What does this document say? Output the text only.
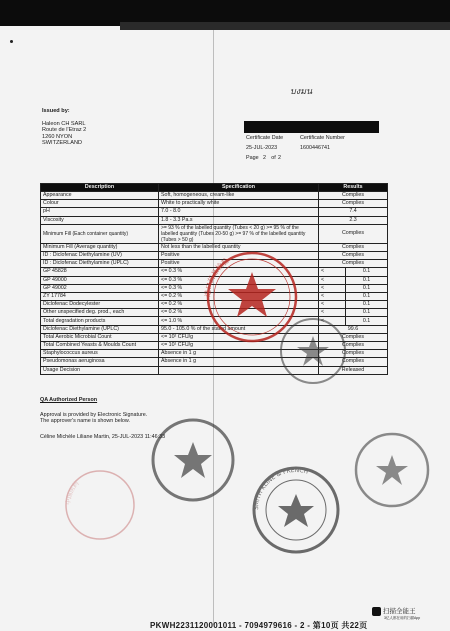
Issued by:
Haleon CH SARL
Route de l'Etraz 2
1260 NYON
SWITZERLAND
บงมน
Certificate Date	Certificate Number
25-JUL-2023	1600446741
Page 2 of 2
Description	Specification	Results	
Appearance	Soft, homogeneous, cream-like	Complies	
Colour	White to practically white	Complies	
pH	7.0 - 8.0	7.4	
Viscosity	1.8 - 3.3 Pa.s	2.3	
Minimum Fill (Each container quantity)	>= 93 % of the labelled quantity (Tubes < 20 g) >= 95 % of the labelled quantity (Tubes 20-50 g) >= 97 % of the labelled quantity (Tubes > 50 g)	Complies	
Minimum Fill (Average quantity)	Not less than the labelled quantity	Complies	
ID : Diclofenac Diethylamine (UV)	Positive	Complies	
ID : Diclofenac Diethylamine (UPLC)	Positive	Complies	
GP 45828	<= 0.3 %	<	0.1
GP 49000	<= 0.3 %	<	0.1
GP 49002	<= 0.3 %	<	0.1
ZY 17784	<= 0.2 %	<	0.1
Diclofenac Dodecylester	<= 0.2 %	<	0.1
Other unspecified deg. prod., each	<= 0.2 %	<	0.1
Total degradation products	<= 1.0 %	<	0.1
Diclofenac Diethylamine (UPLC)	95.0 - 105.0 % of the stated amount	99.6	
Total Aerobic Microbial Count	<= 10² CFU/g	Complies	
Total Combined Yeasts & Moulds Count	<= 10¹ CFU/g	Complies	
Staphylococcus aureus	Absence in 1 g	Complies	
Pseudomonas aeruginosa	Absence in 1 g	Complies	
Usage Decision		Released	

QA Authorized Person

Approval is provided by Electronic Signature.

The approver's name is shown below.

Céline Michèle Liliane Martin, 25-JUL-2023 11:46:33

进口药品检验
SMITH KLINE & FRENCH
中国医药
扫描全能王
3亿人都在用的扫描App
PKWH2231120001011 - 7094979616 - 2 - 第10页 共22页
